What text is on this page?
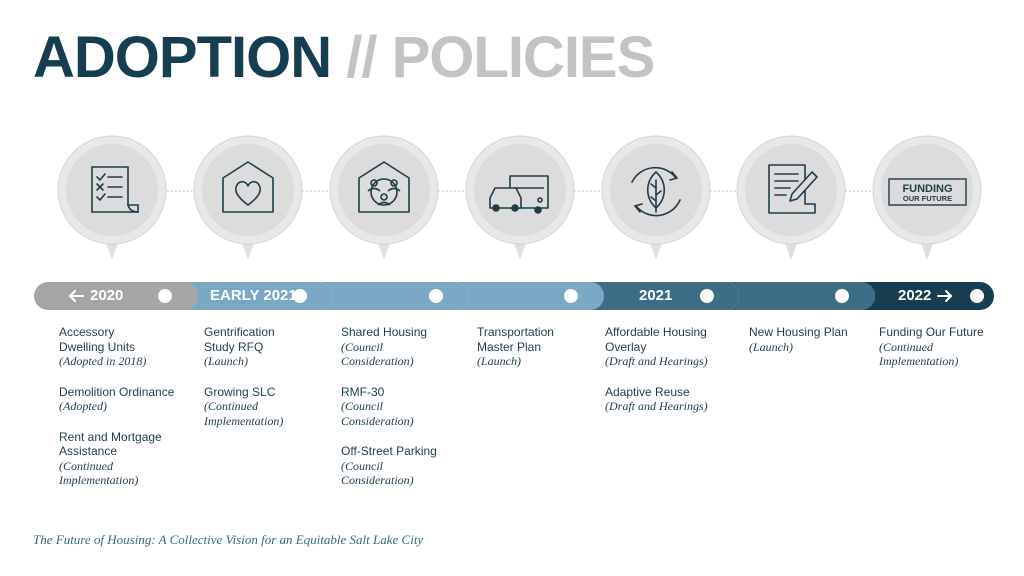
ADOPTION // POLICIES
FUNDING
OUR FUTURE
2020	EARLY 2021	2021	2022
Accessory Dwelling Units
(Adopted in 2018)
Demolition Ordinance
(Adopted)
Rent and Mortgage Assistance
(Continued Implementation)
Gentrification Study RFQ
(Launch)
Growing SLC
(Continued Implementation)
Shared Housing
(Council Consideration)
RMF-30
(Council Consideration)
Off-Street Parking
(Council Consideration)
Transportation Master Plan
(Launch)
Affordable Housing Overlay
(Draft and Hearings)
Adaptive Reuse
(Draft and Hearings)
New Housing Plan
(Launch)
Funding Our Future
(Continued Implementation)
The Future of Housing: A Collective Vision for an Equitable Salt Lake City
